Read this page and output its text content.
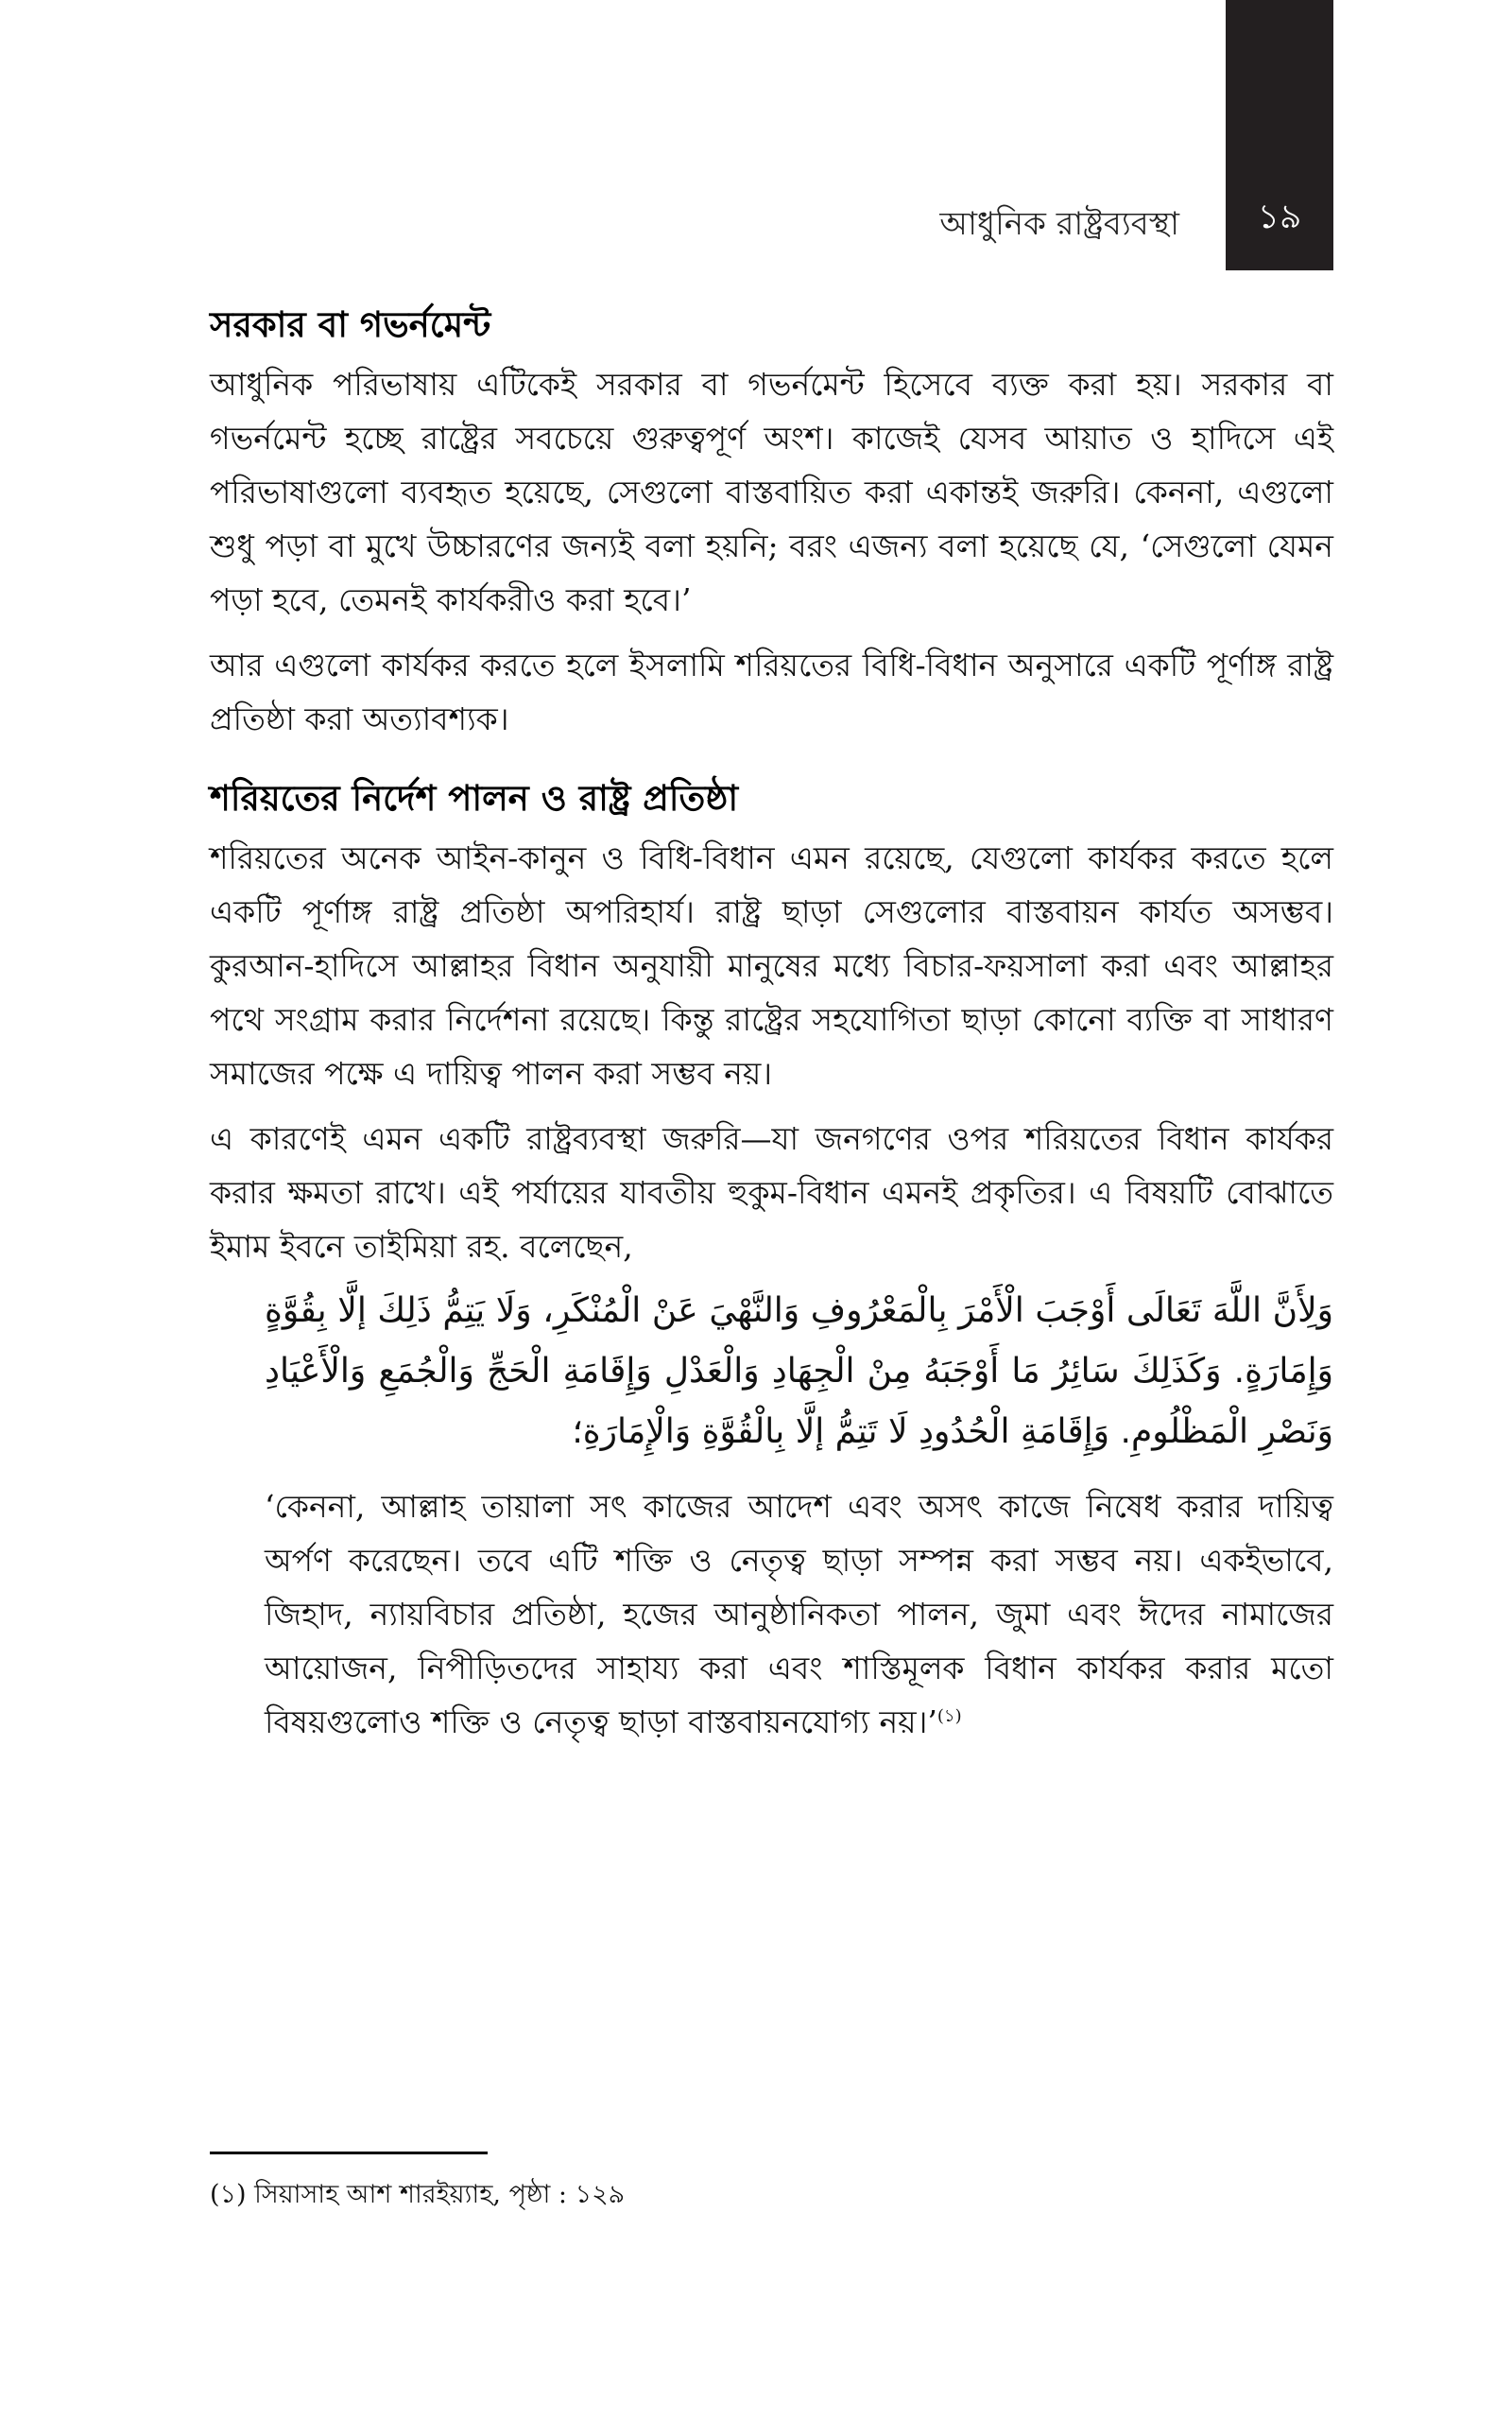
১৯
আধুনিক রাষ্ট্রব্যবস্থা
সরকার বা গভর্নমেন্ট

আধুনিক পরিভাষায় এটিকেই সরকার বা গভর্নমেন্ট হিসেবে ব্যক্ত করা হয়। সরকার বা গভর্নমেন্ট হচ্ছে রাষ্ট্রের সবচেয়ে গুরুত্বপূর্ণ অংশ। কাজেই যেসব আয়াত ও হাদিসে এই পরিভাষাগুলো ব্যবহৃত হয়েছে, সেগুলো বাস্তবায়িত করা একান্তই জরুরি। কেননা, এগুলো শুধু পড়া বা মুখে উচ্চারণের জন্যই বলা হয়নি; বরং এজন্য বলা হয়েছে যে, ‘সেগুলো যেমন পড়া হবে, তেমনই কার্যকরীও করা হবে।’

আর এগুলো কার্যকর করতে হলে ইসলামি শরিয়তের বিধি-বিধান অনুসারে একটি পূর্ণাঙ্গ রাষ্ট্র প্রতিষ্ঠা করা অত্যাবশ্যক।

শরিয়তের নির্দেশ পালন ও রাষ্ট্র প্রতিষ্ঠা

শরিয়তের অনেক আইন-কানুন ও বিধি-বিধান এমন রয়েছে, যেগুলো কার্যকর করতে হলে একটি পূর্ণাঙ্গ রাষ্ট্র প্রতিষ্ঠা অপরিহার্য। রাষ্ট্র ছাড়া সেগুলোর বাস্তবায়ন কার্যত অসম্ভব। কুরআন-হাদিসে আল্লাহর বিধান অনুযায়ী মানুষের মধ্যে বিচার-ফয়সালা করা এবং আল্লাহর পথে সংগ্রাম করার নির্দেশনা রয়েছে। কিন্তু রাষ্ট্রের সহযোগিতা ছাড়া কোনো ব্যক্তি বা সাধারণ সমাজের পক্ষে এ দায়িত্ব পালন করা সম্ভব নয়।

এ কারণেই এমন একটি রাষ্ট্রব্যবস্থা জরুরি—যা জনগণের ওপর শরিয়তের বিধান কার্যকর করার ক্ষমতা রাখে। এই পর্যায়ের যাবতীয় হুকুম-বিধান এমনই প্রকৃতির। এ বিষয়টি বোঝাতে ইমাম ইবনে তাইমিয়া রহ. বলেছেন,

وَلِأَنَّ اللَّهَ تَعَالَى أَوْجَبَ الْأَمْرَ بِالْمَعْرُوفِ وَالنَّهْيَ عَنْ الْمُنْكَرِ، وَلَا يَتِمُّ ذَلِكَ إلَّا بِقُوَّةٍ وَإِمَارَةٍ. وَكَذَلِكَ سَائِرُ مَا أَوْجَبَهُ مِنْ الْجِهَادِ وَالْعَدْلِ وَإِقَامَةِ الْحَجِّ وَالْجُمَعِ وَالْأَعْيَادِ وَنَصْرِ الْمَظْلُومِ. وَإِقَامَةِ الْحُدُودِ لَا تَتِمُّ إلَّا بِالْقُوَّةِ وَالْإِمَارَةِ؛

‘কেননা, আল্লাহ তায়ালা সৎ কাজের আদেশ এবং অসৎ কাজে নিষেধ করার দায়িত্ব অর্পণ করেছেন। তবে এটি শক্তি ও নেতৃত্ব ছাড়া সম্পন্ন করা সম্ভব নয়। একইভাবে, জিহাদ, ন্যায়বিচার প্রতিষ্ঠা, হজের আনুষ্ঠানিকতা পালন, জুমা এবং ঈদের নামাজের আয়োজন, নিপীড়িতদের সাহায্য করা এবং শাস্তিমূলক বিধান কার্যকর করার মতো বিষয়গুলোও শক্তি ও নেতৃত্ব ছাড়া বাস্তবায়নযোগ্য নয়।’$^{(১)}$

(১) সিয়াসাহ আশ শারইয়্যাহ, পৃষ্ঠা : ১২৯
